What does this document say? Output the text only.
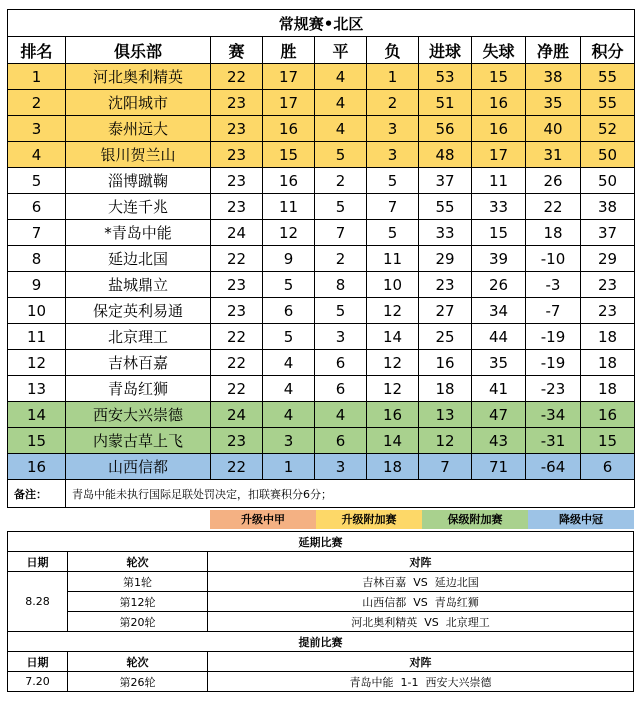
常规赛•北区									
排名	俱乐部	赛	胜	平	负	进球	失球	净胜	积分
1	河北奥利精英	22	17	4	1	53	15	38	55
2	沈阳城市	23	17	4	2	51	16	35	55
3	泰州远大	23	16	4	3	56	16	40	52
4	银川贺兰山	23	15	5	3	48	17	31	50
5	淄博蹴鞠	23	16	2	5	37	11	26	50
6	大连千兆	23	11	5	7	55	33	22	38
7	*青岛中能	24	12	7	5	33	15	18	37
8	延边北国	22	9	2	11	29	39	-10	29
9	盐城鼎立	23	5	8	10	23	26	-3	23
10	保定英利易通	23	6	5	12	27	34	-7	23
11	北京理工	22	5	3	14	25	44	-19	18
12	吉林百嘉	22	4	6	12	16	35	-19	18
13	青岛红狮	22	4	6	12	18	41	-23	18
14	西安大兴崇德	24	4	4	16	13	47	-34	16
15	内蒙古草上飞	23	3	6	14	12	43	-31	15
16	山西信都	22	1	3	18	7	71	-64	6
备注：	青岛中能未执行国际足联处罚决定，扣联赛积分6分；								
升级中甲	升级附加赛	保级附加赛	降级中冠
延期比赛		
日期	轮次	对阵
8.28	第1轮	吉林百嘉  VS  延边北国
	第12轮	山西信都  VS  青岛红狮
	第20轮	河北奥利精英  VS  北京理工
提前比赛		
日期	轮次	对阵
7.20	第26轮	青岛中能  1-1  西安大兴崇德
